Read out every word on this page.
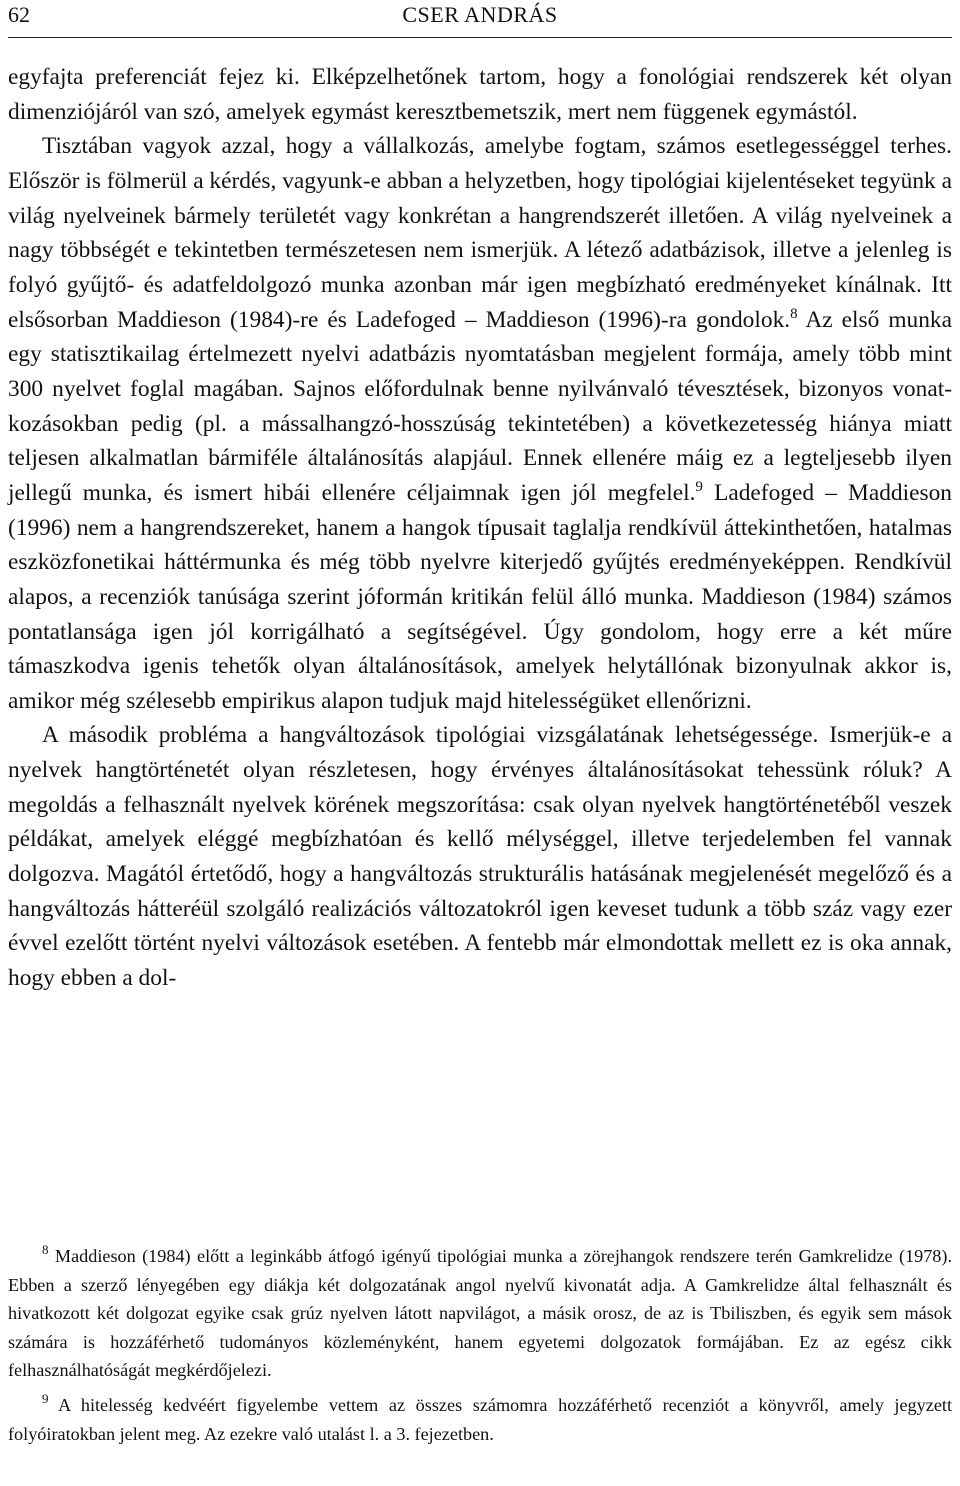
62	CSER ANDRÁS

egyfajta preferenciát fejez ki. Elképzelhetőnek tartom, hogy a fonológiai rendszerek két olyan dimenziójáról van szó, amelyek egymást keresztbemetszik, mert nem függenek egymástól.

Tisztában vagyok azzal, hogy a vállalkozás, amelybe fogtam, számos esetlegességgel terhes. Először is fölmerül a kérdés, vagyunk-e abban a helyzetben, hogy tipológiai kijelentéseket tegyünk a világ nyelveinek bármely területét vagy konkrétan a hangrendszerét illetően. A világ nyelveinek a nagy többségét e tekintetben természetesen nem ismerjük. A létező adatbázisok, illetve a jelenleg is folyó gyűjtő- és adatfeldolgozó munka azonban már igen megbízható eredményeket kínálnak. Itt elsősorban Maddieson (1984)-re és Ladefoged – Maddieson (1996)-ra gondolok.$^8$ Az első munka egy statisztikailag értelmezett nyelvi adatbázis nyomtatásban megjelent formája, amely több mint 300 nyelvet foglal magában. Sajnos előfordulnak benne nyilvánvaló tévesztések, bizonyos vonatkozásokban pedig (pl. a mássalhangzó-hosszúság tekintetében) a következetesség hiánya miatt teljesen alkalmatlan bármiféle általánosítás alapjául. Ennek ellenére máig ez a legteljesebb ilyen jellegű munka, és ismert hibái ellenére céljaimnak igen jól megfelel.$^9$ Ladefoged – Maddieson (1996) nem a hangrendszereket, hanem a hangok típusait taglalja rendkívül áttekinthetően, hatalmas eszközfonetikai háttérmunka és még több nyelvre kiterjedő gyűjtés eredményeképpen. Rendkívül alapos, a recenziók tanúsága szerint jóformán kritikán felül álló munka. Maddieson (1984) számos pontatlansága igen jól korrigálható a segítségével. Úgy gondolom, hogy erre a két műre támaszkodva igenis tehetők olyan általánosítások, amelyek helytállónak bizonyulnak akkor is, amikor még szélesebb empirikus alapon tudjuk majd hitelességüket ellenőrizni.

A második probléma a hangváltozások tipológiai vizsgálatának lehetségessége. Ismerjük-e a nyelvek hangtörténetét olyan részletesen, hogy érvényes általánosításokat tehessünk róluk? A megoldás a felhasznált nyelvek körének megszorítása: csak olyan nyelvek hangtörténetéből veszek példákat, amelyek eléggé megbízhatóan és kellő mélységgel, illetve terjedelemben fel vannak dolgozva. Magától értetődő, hogy a hangváltozás strukturális hatásának megjelenését megelőző és a hangváltozás hátteréül szolgáló realizációs változatokról igen keveset tudunk a több száz vagy ezer évvel ezelőtt történt nyelvi változások esetében. A fentebb már elmondottak mellett ez is oka annak, hogy ebben a dol-

$^8$ Maddieson (1984) előtt a leginkább átfogó igényű tipológiai munka a zörejhangok rendszere terén Gamkrelidze (1978). Ebben a szerző lényegében egy diákja két dolgozatának angol nyelvű kivonatát adja. A Gamkrelidze által felhasznált és hivatkozott két dolgozat egyike csak grúz nyelven látott napvilágot, a másik orosz, de az is Tbiliszben, és egyik sem mások számára is hozzáférhető tudományos közleményként, hanem egyetemi dolgozatok formájában. Ez az egész cikk felhasználhatóságát megkérdőjelezi.

$^9$ A hitelesség kedvéért figyelembe vettem az összes számomra hozzáférhető recenziót a könyvről, amely jegyzett folyóiratokban jelent meg. Az ezekre való utalást l. a 3. fejezetben.
